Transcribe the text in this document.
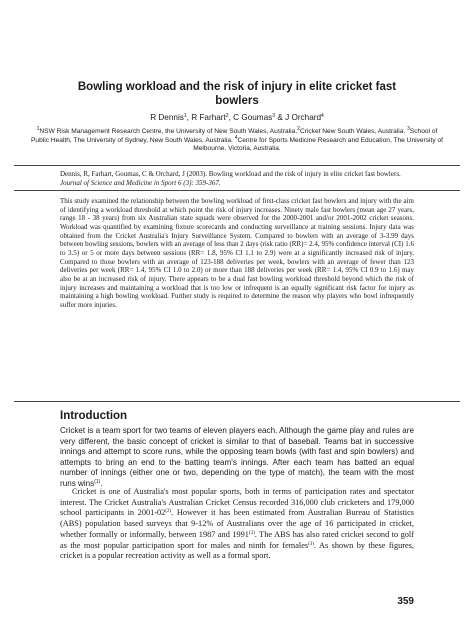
Bowling workload and the risk of injury in elite cricket fast bowlers
R Dennis$^1$, R Farhart$^2$, C Goumas$^3$ & J Orchard$^4$
$^1$NSW Risk Management Research Centre, the University of New South Wales, Australia.$^2$Cricket New South Wales, Australia. $^3$School of Public Health, The University of Sydney, New South Wales, Australia. $^4$Centre for Sports Medicine Research and Education, The University of Melbourne, Victoria, Australia.

Dennis, R, Farhart, Goumas, C & Orchard, J (2003). Bowling workload and the risk of injury in elite cricket fast bowlers. Journal of Science and Medicine in Sport 6 (3): 359-367.

This study examined the relationship between the bowling workload of first-class cricket fast bowlers and injury with the aim of identifying a workload threshold at which point the risk of injury increases. Ninety male fast bowlers (mean age 27 years, range 18 - 38 years) from six Australian state squads were observed for the 2000-2001 and/or 2001-2002 cricket seasons. Workload was quantified by examining fixture scorecards and conducting surveillance at training sessions. Injury data was obtained from the Cricket Australia's Injury Surveillance System. Compared to bowlers with an average of 3-3.99 days between bowling sessions, bowlers with an average of less than 2 days (risk ratio (RR)= 2.4, 95% confidence interval (CI) 1.6 to 3.5) or 5 or more days between sessions (RR= 1.8, 95% CI 1.1 to 2.9) were at a significantly increased risk of injury. Compared to those bowlers with an average of 123-188 deliveries per week, bowlers with an average of fewer than 123 deliveries per week (RR= 1.4, 95% CI 1.0 to 2.0) or more than 188 deliveries per week (RR= 1.4, 95% CI 0.9 to 1.6) may also be at an increased risk of injury. There appears to be a dual fast bowling workload threshold beyond which the risk of injury increases and maintaining a workload that is too low or infrequent is an equally significant risk factor for injury as maintaining a high bowling workload. Further study is required to determine the reason why players who bowl infrequently suffer more injuries.

Introduction

Cricket is a team sport for two teams of eleven players each. Although the game play and rules are very different, the basic concept of cricket is similar to that of baseball. Teams bat in successive innings and attempt to score runs, while the opposing team bowls (with fast and spin bowlers) and attempts to bring an end to the batting team's innings. After each team has batted an equal number of innings (either one or two, depending on the type of match), the team with the most runs wins$^{(1)}$.

Cricket is one of Australia's most popular sports, both in terms of participation rates and spectator interest. The Cricket Australia's Australian Cricket Census recorded 316,000 club cricketers and 179,000 school participants in 2001-02$^{(2)}$. However it has been estimated from Australian Bureau of Statistics (ABS) population based surveys that 9-12% of Australians over the age of 16 participated in cricket, whether formally or informally, between 1987 and 1991$^{(3)}$. The ABS has also rated cricket second to golf as the most popular participation sport for males and ninth for females$^{(3)}$. As shown by these figures, cricket is a popular recreation activity as well as a formal sport.

359
